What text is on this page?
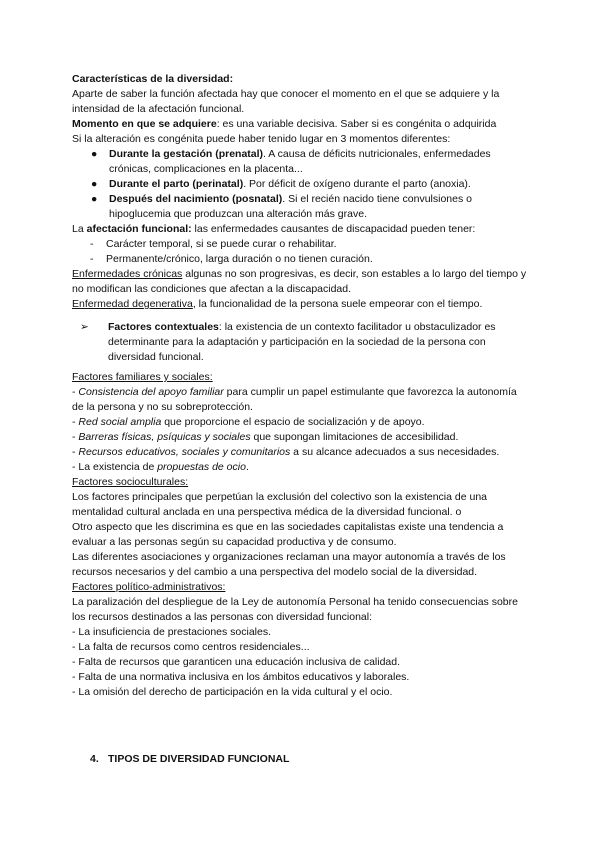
Características de la diversidad:

Aparte de saber la función afectada hay que conocer el momento en el que se adquiere y la intensidad de la afectación funcional.

Momento en que se adquiere: es una variable decisiva. Saber si es congénita o adquirida

Si la alteración es congénita puede haber tenido lugar en 3 momentos diferentes:

● Durante la gestación (prenatal). A causa de déficits nutricionales, enfermedades crónicas, complicaciones en la placenta...
● Durante el parto (perinatal). Por déficit de oxígeno durante el parto (anoxia).
● Después del nacimiento (posnatal). Si el recién nacido tiene convulsiones o hipoglucemia que produzcan una alteración más grave.

La afectación funcional: las enfermedades causantes de discapacidad pueden tener:

- Carácter temporal, si se puede curar o rehabilitar.
- Permanente/crónico, larga duración o no tienen curación.

Enfermedades crónicas algunas no son progresivas, es decir, son estables a lo largo del tiempo y no modifican las condiciones que afectan a la discapacidad.

Enfermedad degenerativa, la funcionalidad de la persona suele empeorar con el tiempo.

➢ Factores contextuales: la existencia de un contexto facilitador u obstaculizador es determinante para la adaptación y participación en la sociedad de la persona con diversidad funcional.

Factores familiares y sociales:

- Consistencia del apoyo familiar para cumplir un papel estimulante que favorezca la autonomía de la persona y no su sobreprotección.

- Red social amplia que proporcione el espacio de socialización y de apoyo.

- Barreras físicas, psíquicas y sociales que supongan limitaciones de accesibilidad.

- Recursos educativos, sociales y comunitarios a su alcance adecuados a sus necesidades.

- La existencia de propuestas de ocio.

Factores socioculturales:

Los factores principales que perpetúan la exclusión del colectivo son la existencia de una mentalidad cultural anclada en una perspectiva médica de la diversidad funcional. o

Otro aspecto que les discrimina es que en las sociedades capitalistas existe una tendencia a evaluar a las personas según su capacidad productiva y de consumo.

Las diferentes asociaciones y organizaciones reclaman una mayor autonomía a través de los recursos necesarios y del cambio a una perspectiva del modelo social de la diversidad.

Factores político-administrativos:

La paralización del despliegue de la Ley de autonomía Personal ha tenido consecuencias sobre los recursos destinados a las personas con diversidad funcional:

- La insuficiencia de prestaciones sociales.

- La falta de recursos como centros residenciales...

- Falta de recursos que garanticen una educación inclusiva de calidad.

- Falta de una normativa inclusiva en los ámbitos educativos y laborales.

- La omisión del derecho de participación en la vida cultural y el ocio.

4. TIPOS DE DIVERSIDAD FUNCIONAL
